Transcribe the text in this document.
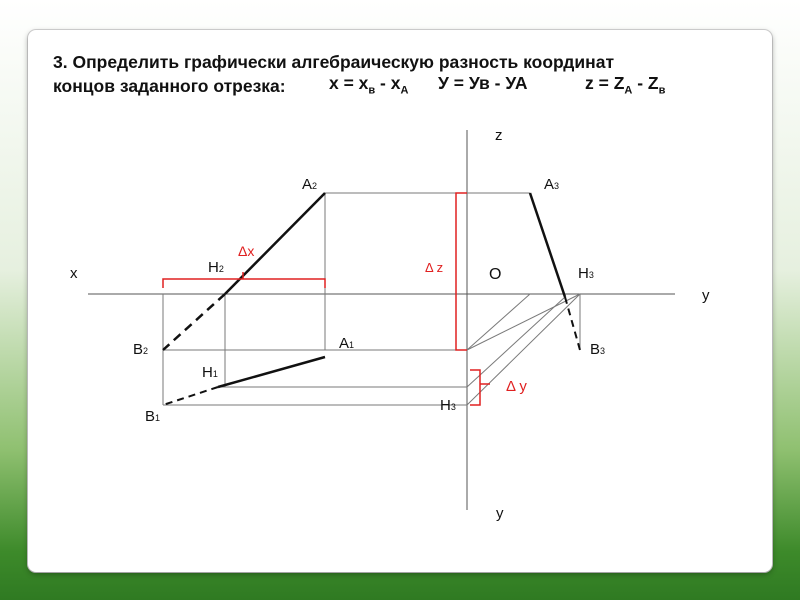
3. Определить графически алгебраическую разность координат
концов заданного отрезка:	$х = х_в - х_А$ У = Ув - УА	$z = Z_А - Z_в$
A2	A3
H2	H3
B2	A1	B3
H1
B1
H3
x
y
z
у
O
Δx
Δ z
Δ у
